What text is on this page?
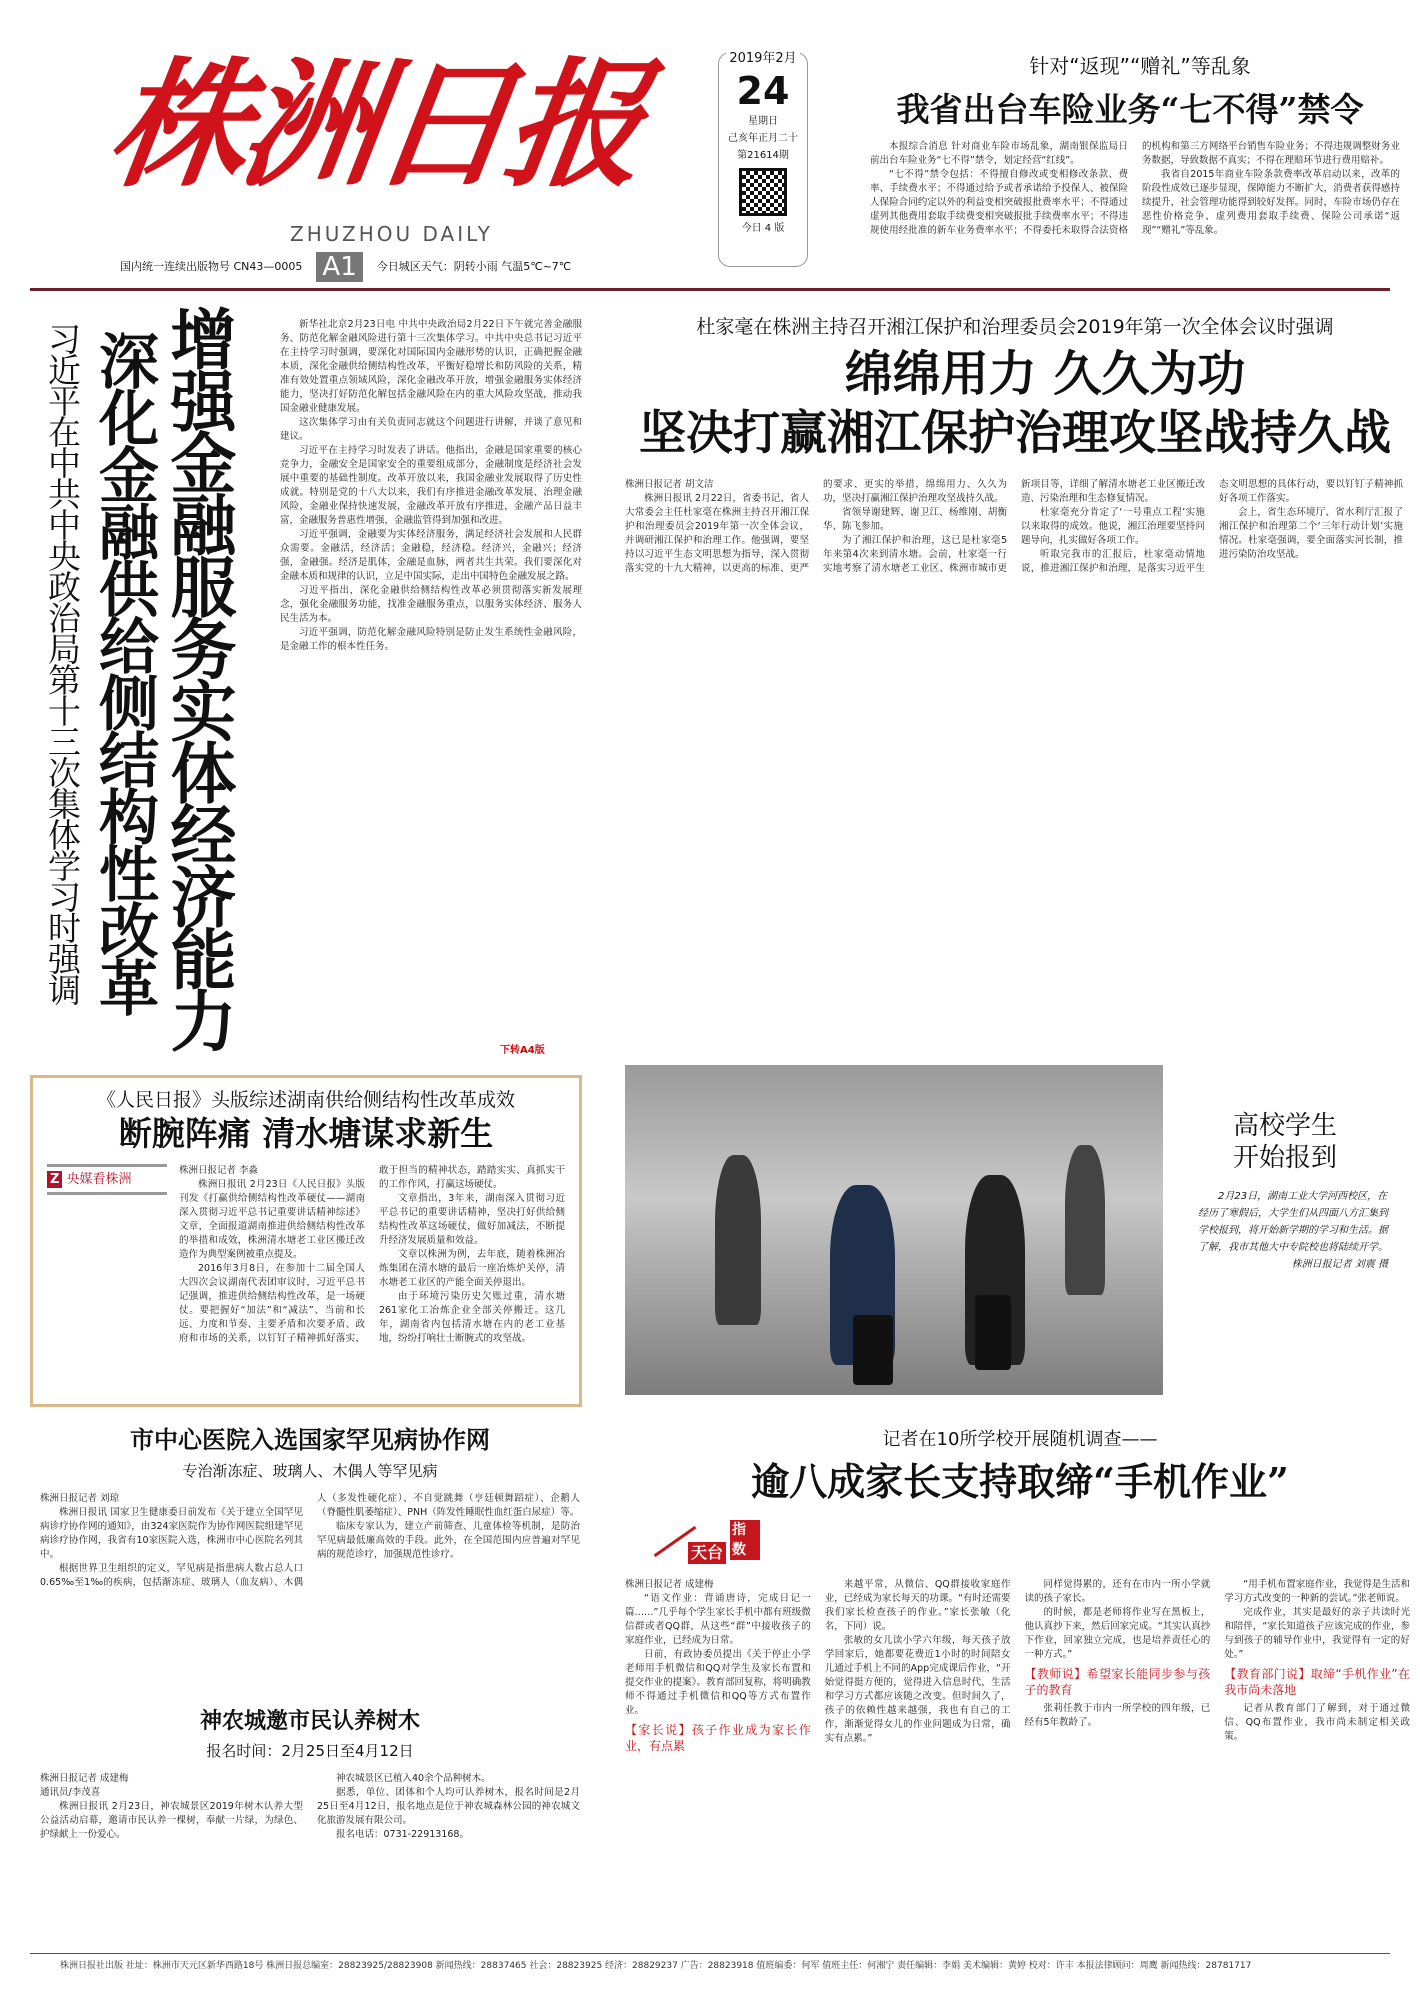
株洲日报
ZHUZHOU DAILY
2019年2月
24
星期日
己亥年正月二十
第21614期
今日 4 版
国内统一连续出版物号 CN43—0005 A1	今日城区天气：阴转小雨 气温5℃~7℃
针对“返现”“赠礼”等乱象
我省出台车险业务“七不得”禁令

本报综合消息 针对商业车险市场乱象，湖南银保监局日前出台车险业务“七不得”禁令，划定经营“红线”。

“七不得”禁令包括：不得擅自修改或变相修改条款、费率、手续费水平；不得通过给予或者承诺给予投保人、被保险人保险合同约定以外的利益变相突破报批费率水平；不得通过虚列其他费用套取手续费变相突破报批手续费率水平；不得违规使用经批准的新车业务费率水平；不得委托未取得合法资格的机构和第三方网络平台销售车险业务；不得违规调整财务业务数据，导致数据不真实；不得在理赔环节进行费用赔补。

我省自2015年商业车险条款费率改革启动以来，改革的阶段性成效已逐步显现，保障能力不断扩大，消费者获得感持续提升，社会管理功能得到较好发挥。同时，车险市场仍存在恶性价格竞争、虚列费用套取手续费、保险公司承诺“返现”“赠礼”等乱象。

增强金融服务实体经济能力
深化金融供给侧结构性改革
习近平在中共中央政治局第十三次集体学习时强调	新华社北京2月23日电 中共中央政治局2月22日下午就完善金融服务、防范化解金融风险进行第十三次集体学习。中共中央总书记习近平在主持学习时强调，要深化对国际国内金融形势的认识，正确把握金融本质，深化金融供给侧结构性改革，平衡好稳增长和防风险的关系，精准有效处置重点领域风险，深化金融改革开放，增强金融服务实体经济能力，坚决打好防范化解包括金融风险在内的重大风险攻坚战，推动我国金融业健康发展。

这次集体学习由有关负责同志就这个问题进行讲解，并谈了意见和建议。

习近平在主持学习时发表了讲话。他指出，金融是国家重要的核心竞争力，金融安全是国家安全的重要组成部分，金融制度是经济社会发展中重要的基础性制度。改革开放以来，我国金融业发展取得了历史性成就。特别是党的十八大以来，我们有序推进金融改革发展、治理金融风险，金融业保持快速发展，金融改革开放有序推进，金融产品日益丰富，金融服务普惠性增强，金融监管得到加强和改进。

习近平强调，金融要为实体经济服务，满足经济社会发展和人民群众需要。金融活，经济活；金融稳，经济稳。经济兴，金融兴；经济强，金融强。经济是肌体，金融是血脉，两者共生共荣。我们要深化对金融本质和规律的认识，立足中国实际，走出中国特色金融发展之路。

习近平指出，深化金融供给侧结构性改革必须贯彻落实新发展理念，强化金融服务功能，找准金融服务重点，以服务实体经济、服务人民生活为本。

习近平强调，防范化解金融风险特别是防止发生系统性金融风险，是金融工作的根本性任务。

下转A4版
杜家毫在株洲主持召开湘江保护和治理委员会2019年第一次全体会议时强调
绵绵用力 久久为功
坚决打赢湘江保护治理攻坚战持久战

株洲日报记者 胡文洁

株洲日报讯 2月22日，省委书记、省人大常委会主任杜家毫在株洲主持召开湘江保护和治理委员会2019年第一次全体会议，并调研湘江保护和治理工作。他强调，要坚持以习近平生态文明思想为指导，深入贯彻落实党的十九大精神，以更高的标准、更严的要求、更实的举措，绵绵用力、久久为功，坚决打赢湘江保护治理攻坚战持久战。

省领导谢建辉、谢卫江、杨维刚、胡衡华、陈飞参加。

为了湘江保护和治理，这已是杜家毫5年来第4次来到清水塘。会前，杜家毫一行实地考察了清水塘老工业区、株洲市城市更新项目等，详细了解清水塘老工业区搬迁改造、污染治理和生态修复情况。

杜家毫充分肯定了‘一号重点工程’实施以来取得的成效。他说，湘江治理要坚持问题导向，扎实做好各项工作。

听取完我市的汇报后，杜家毫动情地说，推进湘江保护和治理，是落实习近平生态文明思想的具体行动，要以钉钉子精神抓好各项工作落实。

会上，省生态环境厅、省水利厅汇报了湘江保护和治理第二个‘三年行动计划’实施情况。杜家毫强调，要全面落实河长制，推进污染防治攻坚战。

《人民日报》头版综述湖南供给侧结构性改革成效
断腕阵痛 清水塘谋求新生
Z 央媒看株洲

株洲日报记者 李淼

株洲日报讯 2月23日《人民日报》头版刊发《打赢供给侧结构性改革硬仗——湖南深入贯彻习近平总书记重要讲话精神综述》文章，全面报道湖南推进供给侧结构性改革的举措和成效，株洲清水塘老工业区搬迁改造作为典型案例被重点提及。

2016年3月8日，在参加十二届全国人大四次会议湖南代表团审议时，习近平总书记强调，推进供给侧结构性改革，是一场硬仗。要把握好“加法”和“减法”、当前和长远、力度和节奏、主要矛盾和次要矛盾、政府和市场的关系，以钉钉子精神抓好落实，敢于担当的精神状态，踏踏实实、真抓实干的工作作风，打赢这场硬仗。

文章指出，3年来，湖南深入贯彻习近平总书记的重要讲话精神，坚决打好供给侧结构性改革这场硬仗，做好加减法，不断提升经济发展质量和效益。

文章以株洲为例，去年底，随着株洲冶炼集团在清水塘的最后一座冶炼炉关停，清水塘老工业区的产能全面关停退出。

由于环境污染历史欠账过重，清水塘261家化工冶炼企业全部关停搬迁。这几年，湖南省内包括清水塘在内的老工业基地，纷纷打响壮士断腕式的攻坚战。

高校学生
开始报到

2月23日，湖南工业大学河西校区，在经历了寒假后，大学生们从四面八方汇集到学校报到，将开始新学期的学习和生活。据了解，我市其他大中专院校也将陆续开学。

株洲日报记者 刘震 摄

市中心医院入选国家罕见病协作网
专治渐冻症、玻璃人、木偶人等罕见病

株洲日报记者 刘琼

株洲日报讯 国家卫生健康委日前发布《关于建立全国罕见病诊疗协作网的通知》，由324家医院作为协作网医院组建罕见病诊疗协作网，我省有10家医院入选，株洲市中心医院名列其中。

根据世界卫生组织的定义，罕见病是指患病人数占总人口0.65‰至1‰的疾病，包括渐冻症、玻璃人（血友病）、木偶人（多发性硬化症）、不自觉跳舞（亨廷顿舞蹈症）、企鹅人（脊髓性肌萎缩症）、PNH（阵发性睡眠性血红蛋白尿症）等。

临床专家认为，建立产前筛查、儿童体检等机制，是防治罕见病最低廉高效的手段。此外，在全国范围内应普遍对罕见病的规范诊疗，加强规范性诊疗。

神农城邀市民认养树木
报名时间：2月25日至4月12日

株洲日报记者 成建梅

通讯员/李茂喜

株洲日报讯 2月23日，神农城景区2019年树木认养大型公益活动启幕，邀请市民认养一棵树，奉献一片绿，为绿色、护绿献上一份爱心。

神农城景区已植入40余个品种树木。

据悉，单位、团体和个人均可认养树木，报名时间是2月25日至4月12日，报名地点是位于神农城森林公园的神农城文化旅游发展有限公司。

报名电话：0731-22913168。

记者在10所学校开展随机调查——
逾八成家长支持取缔“手机作业”
天台
指数

株洲日报记者 成建梅

“语文作业：背诵唐诗，完成日记一篇……”几乎每个学生家长手机中都有班级微信群或者QQ群，从这些“群”中接收孩子的家庭作业，已经成为日常。

日前，有政协委员提出《关于停止小学老师用手机微信和QQ对学生及家长布置和提交作业的提案》。教育部回复称，将明确教师不得通过手机微信和QQ等方式布置作业。

【家长说】孩子作业成为家长作业，有点累

来越平常，从微信、QQ群接收家庭作业，已经成为家长每天的功课。“有时还需要我们家长检查孩子的作业。”家长张敏（化名，下同）说。

张敏的女儿读小学六年级，每天孩子放学回家后，她都要花费近1小时的时间陪女儿通过手机上不同的App完成课后作业，“开始觉得挺方便的，觉得进入信息时代，生活和学习方式都应该随之改变。但时间久了，孩子的依赖性越来越强，我也有自己的工作，渐渐觉得女儿的作业问题成为日常，确实有点累。”

同样觉得累的，还有在市内一所小学就读的孩子家长。

的时候，都是老师将作业写在黑板上，他认真抄下来，然后回家完成。“其实认真抄下作业，回家独立完成，也是培养责任心的一种方式。”

【教师说】希望家长能同步参与孩子的教育

张莉任教于市内一所学校的四年级，已经有5年教龄了。

“用手机布置家庭作业，我觉得是生活和学习方式改变的一种新的尝试。”张老师说。

完成作业，其实是最好的亲子共读时光和陪伴，“家长知道孩子应该完成的作业，参与到孩子的辅导作业中，我觉得有一定的好处。”

【教育部门说】取缔“手机作业”在我市尚未落地

记者从教育部门了解到，对于通过微信、QQ布置作业，我市尚未制定相关政策。

株洲日报社出版 社址：株洲市天元区新华西路18号 株洲日报总编室：28823925/28823908 新闻热线：28837465 社会：28823925 经济：28829237 广告：28823918 值班编委：何军 值班主任：何湘宁 责任编辑：李娟 美术编辑：黄婷 校对：许丰 本报法律顾问：周鹰 新闻热线：28781717
